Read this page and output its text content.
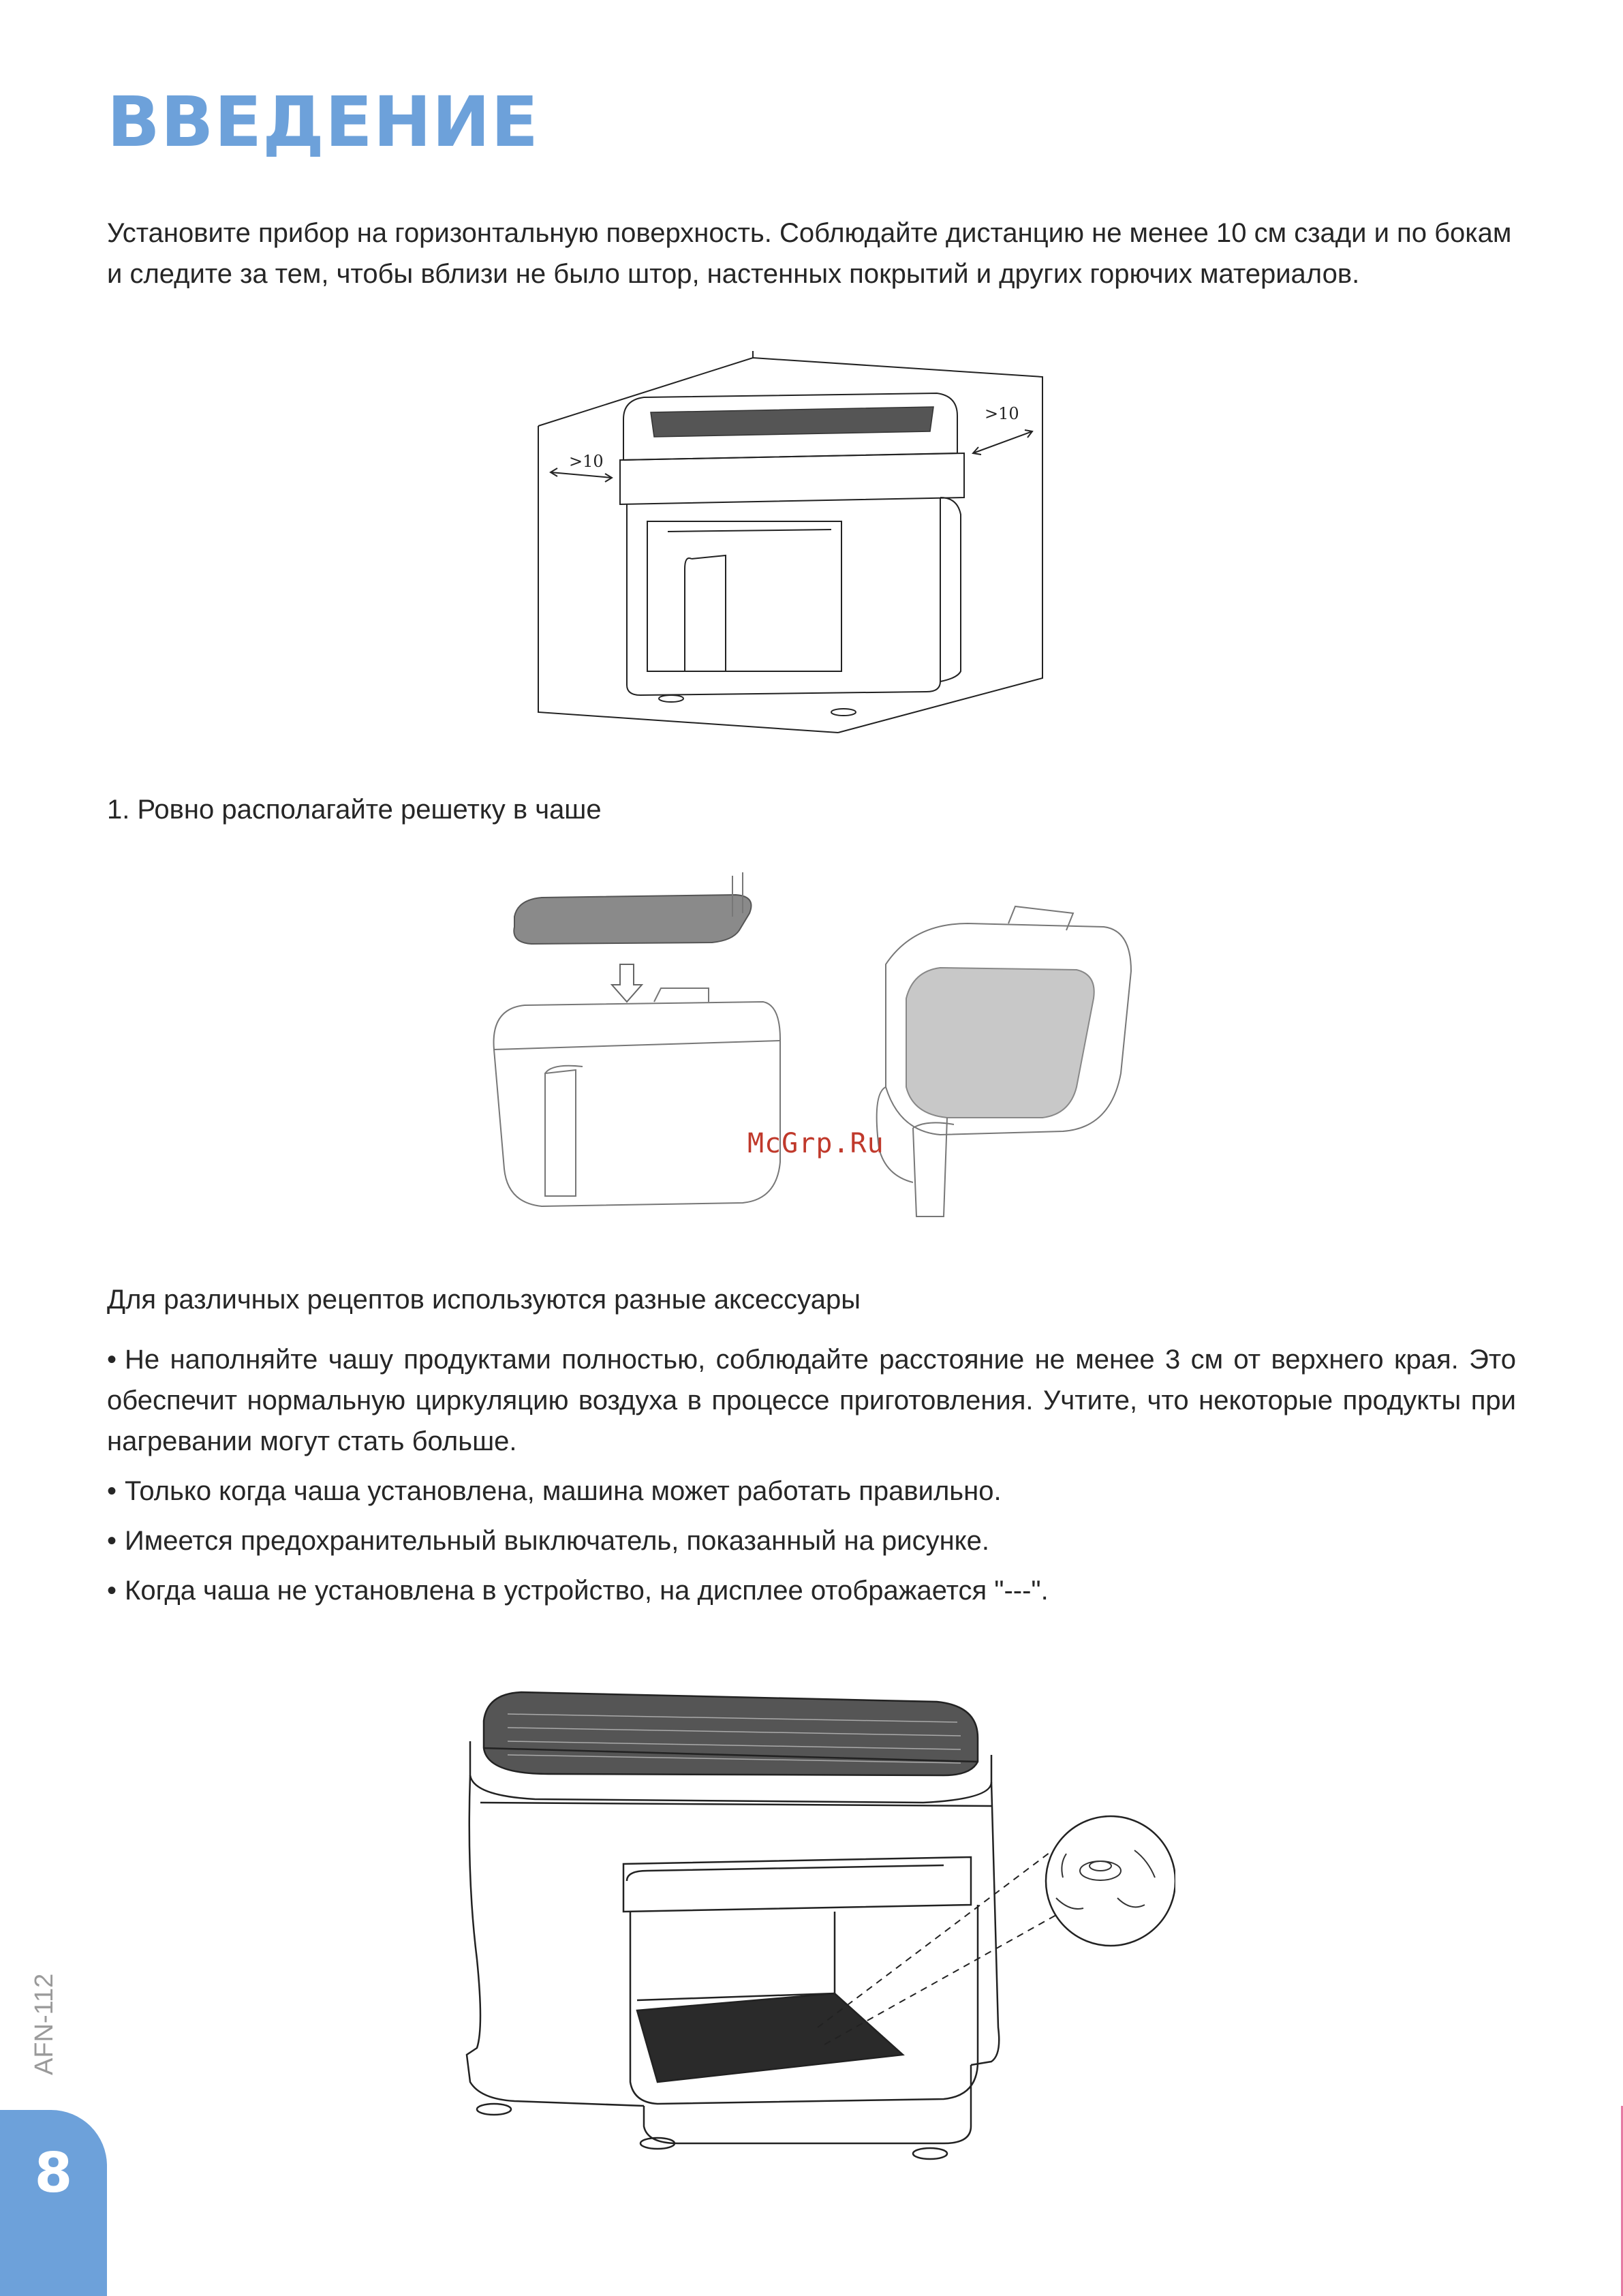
ВВЕДЕНИЕ

Установите прибор на горизонтальную поверхность. Соблюдайте дистанцию не менее 10 см сзади и по бокам и следите за тем, чтобы вблизи не было штор, настенных покрытий и других горючих материалов.

>10
>10

1. Ровно располагайте решетку в чаше

McGrp.Ru

Для различных рецептов используются разные аксессуары

• Не наполняйте чашу продуктами полностью, соблюдайте расстояние не менее 3 см от верхнего края. Это обеспечит нормальную циркуляцию воздуха в процессе приготовления. Учтите, что некоторые продукты при нагревании могут стать больше.
• Только когда чаша установлена, машина может работать правильно.
• Имеется предохранительный выключатель, показанный на рисунке.
• Когда чаша не установлена в устройство, на дисплее отображается "---".
AFN-112
8
